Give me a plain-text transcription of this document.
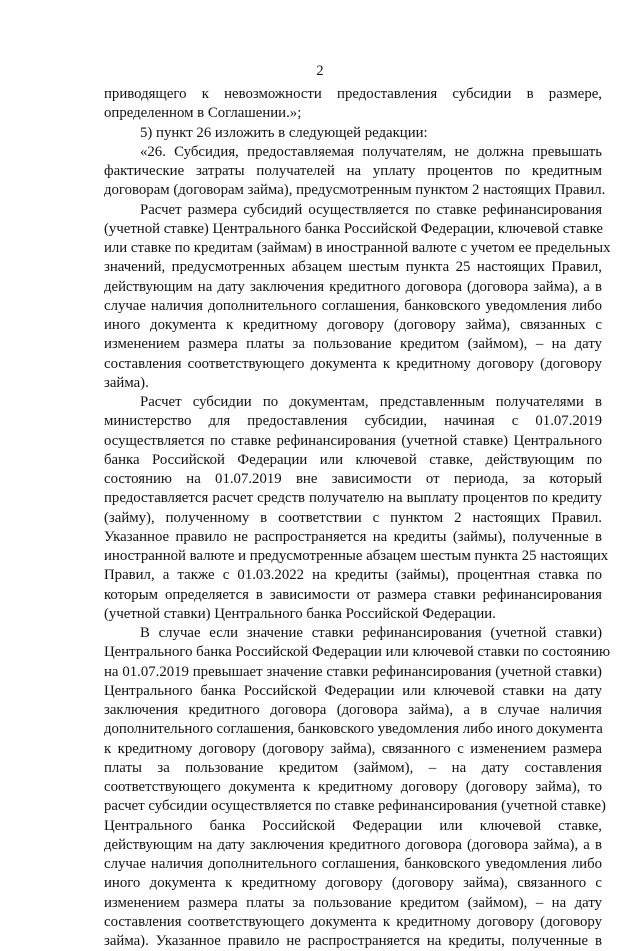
2
приводящего к невозможности предоставления субсидии в размере,
определенном в Соглашении.»;
5) пункт 26 изложить в следующей редакции:
«26. Субсидия, предоставляемая получателям, не должна превышать
фактические затраты получателей на уплату процентов по кредитным
договорам (договорам займа), предусмотренным пунктом 2 настоящих Правил.
Расчет размера субсидий осуществляется по ставке рефинансирования
(учетной ставке) Центрального банка Российской Федерации, ключевой ставке
или ставке по кредитам (займам) в иностранной валюте с учетом ее предельных
значений, предусмотренных абзацем шестым пункта 25 настоящих Правил,
действующим на дату заключения кредитного договора (договора займа), а в
случае наличия дополнительного соглашения, банковского уведомления либо
иного документа к кредитному договору (договору займа), связанных с
изменением размера платы за пользование кредитом (займом), – на дату
составления соответствующего документа к кредитному договору (договору
займа).
Расчет субсидии по документам, представленным получателями в
министерство для предоставления субсидии, начиная с 01.07.2019
осуществляется по ставке рефинансирования (учетной ставке) Центрального
банка Российской Федерации или ключевой ставке, действующим по
состоянию на 01.07.2019 вне зависимости от периода, за который
предоставляется расчет средств получателю на выплату процентов по кредиту
(займу), полученному в соответствии с пунктом 2 настоящих Правил.
Указанное правило не распространяется на кредиты (займы), полученные в
иностранной валюте и предусмотренные абзацем шестым пункта 25 настоящих
Правил, а также с 01.03.2022 на кредиты (займы), процентная ставка по
которым определяется в зависимости от размера ставки рефинансирования
(учетной ставки) Центрального банка Российской Федерации.
В случае если значение ставки рефинансирования (учетной ставки)
Центрального банка Российской Федерации или ключевой ставки по состоянию
на 01.07.2019 превышает значение ставки рефинансирования (учетной ставки)
Центрального банка Российской Федерации или ключевой ставки на дату
заключения кредитного договора (договора займа), а в случае наличия
дополнительного соглашения, банковского уведомления либо иного документа
к кредитному договору (договору займа), связанного с изменением размера
платы за пользование кредитом (займом), – на дату составления
соответствующего документа к кредитному договору (договору займа), то
расчет субсидии осуществляется по ставке рефинансирования (учетной ставке)
Центрального банка Российской Федерации или ключевой ставке,
действующим на дату заключения кредитного договора (договора займа), а в
случае наличия дополнительного соглашения, банковского уведомления либо
иного документа к кредитному договору (договору займа), связанного с
изменением размера платы за пользование кредитом (займом), – на дату
составления соответствующего документа к кредитному договору (договору
займа). Указанное правило не распространяется на кредиты, полученные в
